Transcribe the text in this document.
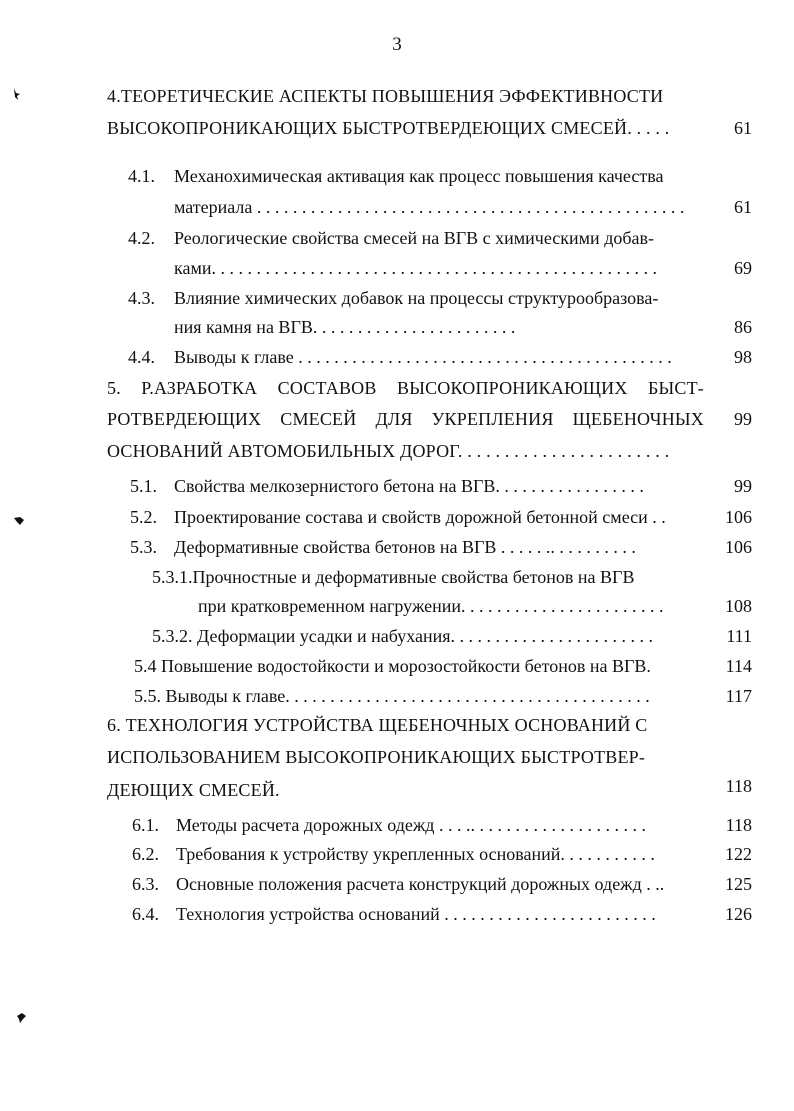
3
4.ТЕОРЕТИЧЕСКИЕ АСПЕКТЫ ПОВЫШЕНИЯ ЭФФЕКТИВНОСТИ
ВЫСОКОПРОНИКАЮЩИХ БЫСТРОТВЕРДЕЮЩИХ СМЕСЕЙ. . . . .	61
4.1. Механохимическая активация как процесс повышения качества
материала . . . . . . . . . . . . . . . . . . . . . . . . . . . . . . . . . . . . . . . . . . . . . . . .	61
4.2. Реологические свойства смесей на ВГВ с химическими добав-
ками. . . . . . . . . . . . . . . . . . . . . . . . . . . . . . . . . . . . . . . . . . . . . . . . . .	69
4.3. Влияние химических добавок на процессы структурообразова-
ния камня на ВГВ. . . . . . . . . . . . . . . . . . . . . . .	86
4.4. Выводы к главе . . . . . . . . . . . . . . . . . . . . . . . . . . . . . . . . . . . . . . . . . .	98
5. Р.АЗРАБОТКА СОСТАВОВ ВЫСОКОПРОНИКАЮЩИХ БЫСТ-
РОТВЕРДЕЮЩИХ СМЕСЕЙ ДЛЯ УКРЕПЛЕНИЯ ЩЕБЕНОЧНЫХ	99
ОСНОВАНИЙ АВТОМОБИЛЬНЫХ ДОРОГ. . . . . . . . . . . . . . . . . . . . . . .
5.1. Свойства мелкозернистого бетона на ВГВ. . . . . . . . . . . . . . . . .	99
5.2. Проектирование состава и свойств дорожной бетонной смеси . .	106
5.3. Деформативные свойства бетонов на ВГВ . . . . . .. . . . . . . . . .	106
5.3.1.Прочностные и деформативные свойства бетонов на ВГВ
при кратковременном нагружении. . . . . . . . . . . . . . . . . . . . . . .	108
5.3.2. Деформации усадки и набухания. . . . . . . . . . . . . . . . . . . . . . .	111
5.4 Повышение водостойкости и морозостойкости бетонов на ВГВ.	114
5.5. Выводы к главе. . . . . . . . . . . . . . . . . . . . . . . . . . . . . . . . . . . . . . . . .	117
6. ТЕХНОЛОГИЯ УСТРОЙСТВА ЩЕБЕНОЧНЫХ ОСНОВАНИЙ С
ИСПОЛЬЗОВАНИЕМ ВЫСОКОПРОНИКАЮЩИХ БЫСТРОТВЕР-
ДЕЮЩИХ СМЕСЕЙ.	118
6.1. Методы расчета дорожных одежд . . . .. . . . . . . . . . . . . . . . . . . .	118
6.2. Требования к устройству укрепленных оснований. . . . . . . . . . .	122
6.3. Основные положения расчета конструкций дорожных одежд . ..	125
6.4. Технология устройства оснований . . . . . . . . . . . . . . . . . . . . . . . .	126
